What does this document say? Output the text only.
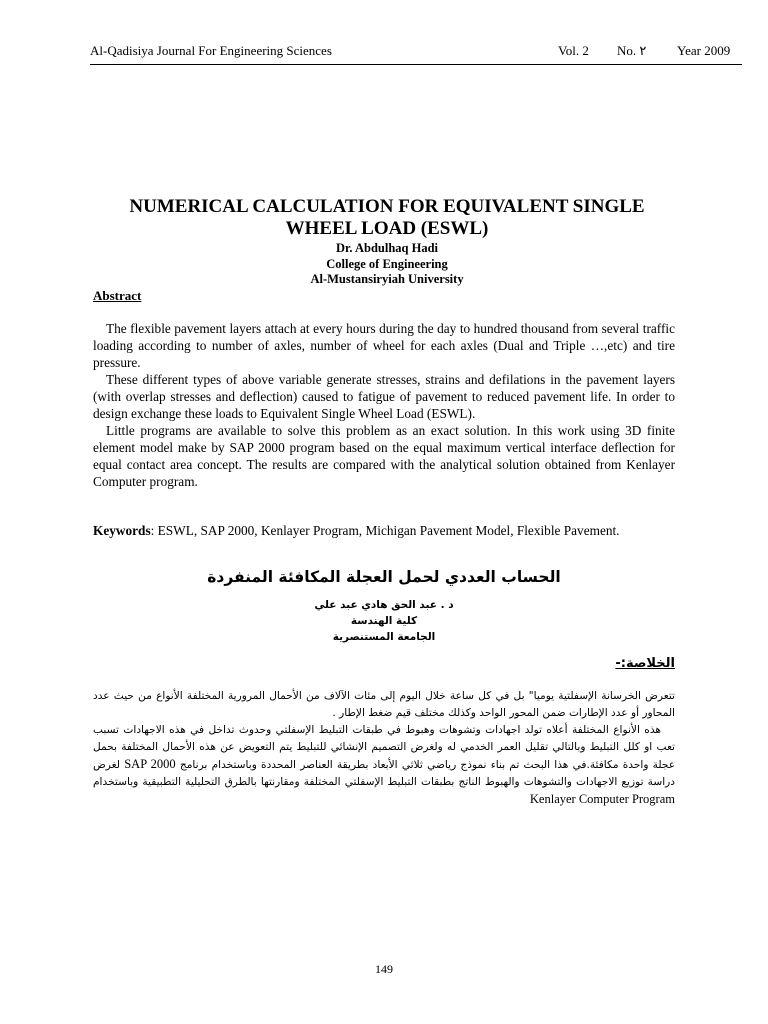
Al-Qadisiya Journal For Engineering Sciences	Vol. 2 No. ٢ Year 2009
NUMERICAL CALCULATION FOR EQUIVALENT SINGLE WHEEL LOAD (ESWL)
Dr. Abdulhaq Hadi
College of Engineering
Al-Mustansiryiah University
Abstract

The flexible pavement layers attach at every hours during the day to hundred thousand from several traffic loading according to number of axles, number of wheel for each axles (Dual and Triple …,etc) and tire pressure.

These different types of above variable generate stresses, strains and defilations in the pavement layers (with overlap stresses and deflection) caused to fatigue of pavement to reduced pavement life. In order to design exchange these loads to Equivalent Single Wheel Load (ESWL).

Little programs are available to solve this problem as an exact solution. In this work using 3D finite element model make by SAP 2000 program based on the equal maximum vertical interface deflection for equal contact area concept. The results are compared with the analytical solution obtained from Kenlayer Computer program.

Keywords: ESWL, SAP 2000, Kenlayer Program, Michigan Pavement Model, Flexible Pavement.
الحساب العددي لحمل العجلة المكافئة المنفردة
د . عبد الحق هادي عبد علي
كلية الهندسة
الجامعة المستنصرية
الخلاصة:-

تتعرض الخرسانة الإسفلتية يوميا" بل في كل ساعة خلال اليوم إلى مئات الآلاف من الأحمال المرورية المختلفة الأنواع من حيث عدد المحاور أو عدد الإطارات ضمن المحور الواحد وكذلك مختلف قيم ضغط الإطار .

هذه الأنواع المختلفة أعلاه تولد اجهادات وتشوهات وهبوط في طبقات التبليط الإسفلتي وحدوث تداخل في هذه الاجهادات تسبب تعب او كلل التبليط وبالتالي تقليل العمر الخدمي له ولغرض التصميم الإنشائي للتبليط يتم التعويض عن هذه الأحمال المختلفة بحمل عجلة واحدة مكافئة.في هذا البحث تم بناء نموذج رياضي ثلاثي الأبعاد بطريقة العناصر المحددة وباستخدام برنامج SAP 2000 لغرض دراسة توزيع الاجهادات والتشوهات والهبوط الناتج بطبقات التبليط الإسفلتي المختلفة ومقارنتها بالطرق التحليلية التطبيقية وباستخدام Kenlayer Computer Program

149
